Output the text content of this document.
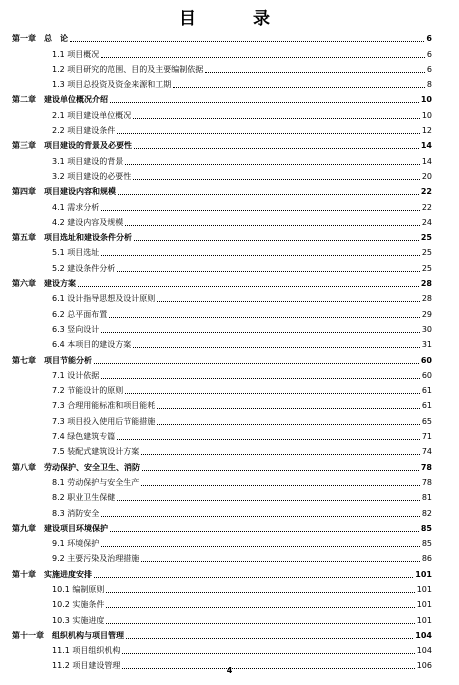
目　录
第一章　总　论	6
1.1 项目概况	6
1.2 项目研究的范围、目的及主要编制依据	6
1.3 项目总投资及资金来源和工期	8
第二章　建设单位概况介绍	10
2.1 项目建设单位概况	10
2.2 项目建设条件	12
第三章　项目建设的背景及必要性	14
3.1 项目建设的背景	14
3.2 项目建设的必要性	20
第四章　项目建设内容和规模	22
4.1 需求分析	22
4.2 建设内容及规模	24
第五章　项目选址和建设条件分析	25
5.1 项目选址	25
5.2 建设条件分析	25
第六章　建设方案	28
6.1 设计指导思想及设计原则	28
6.2 总平面布置	29
6.3 竖向设计	30
6.4 本项目的建设方案	31
第七章　项目节能分析	60
7.1 设计依据	60
7.2 节能设计的原则	61
7.3 合理用能标准和项目能耗	61
7.3 项目投入使用后节能措施	65
7.4 绿色建筑专篇	71
7.5 装配式建筑设计方案	74
第八章　劳动保护、安全卫生、消防	78
8.1 劳动保护与安全生产	78
8.2 职业卫生保健	81
8.3 消防安全	82
第九章　建设项目环境保护	85
9.1 环境保护	85
9.2 主要污染及治理措施	86
第十章　实施进度安排	101
10.1 编制原则	101
10.2 实施条件	101
10.3 实施进度	101
第十一章　组织机构与项目管理	104
11.1 项目组织机构	104
11.2 项目建设管理	106
4
